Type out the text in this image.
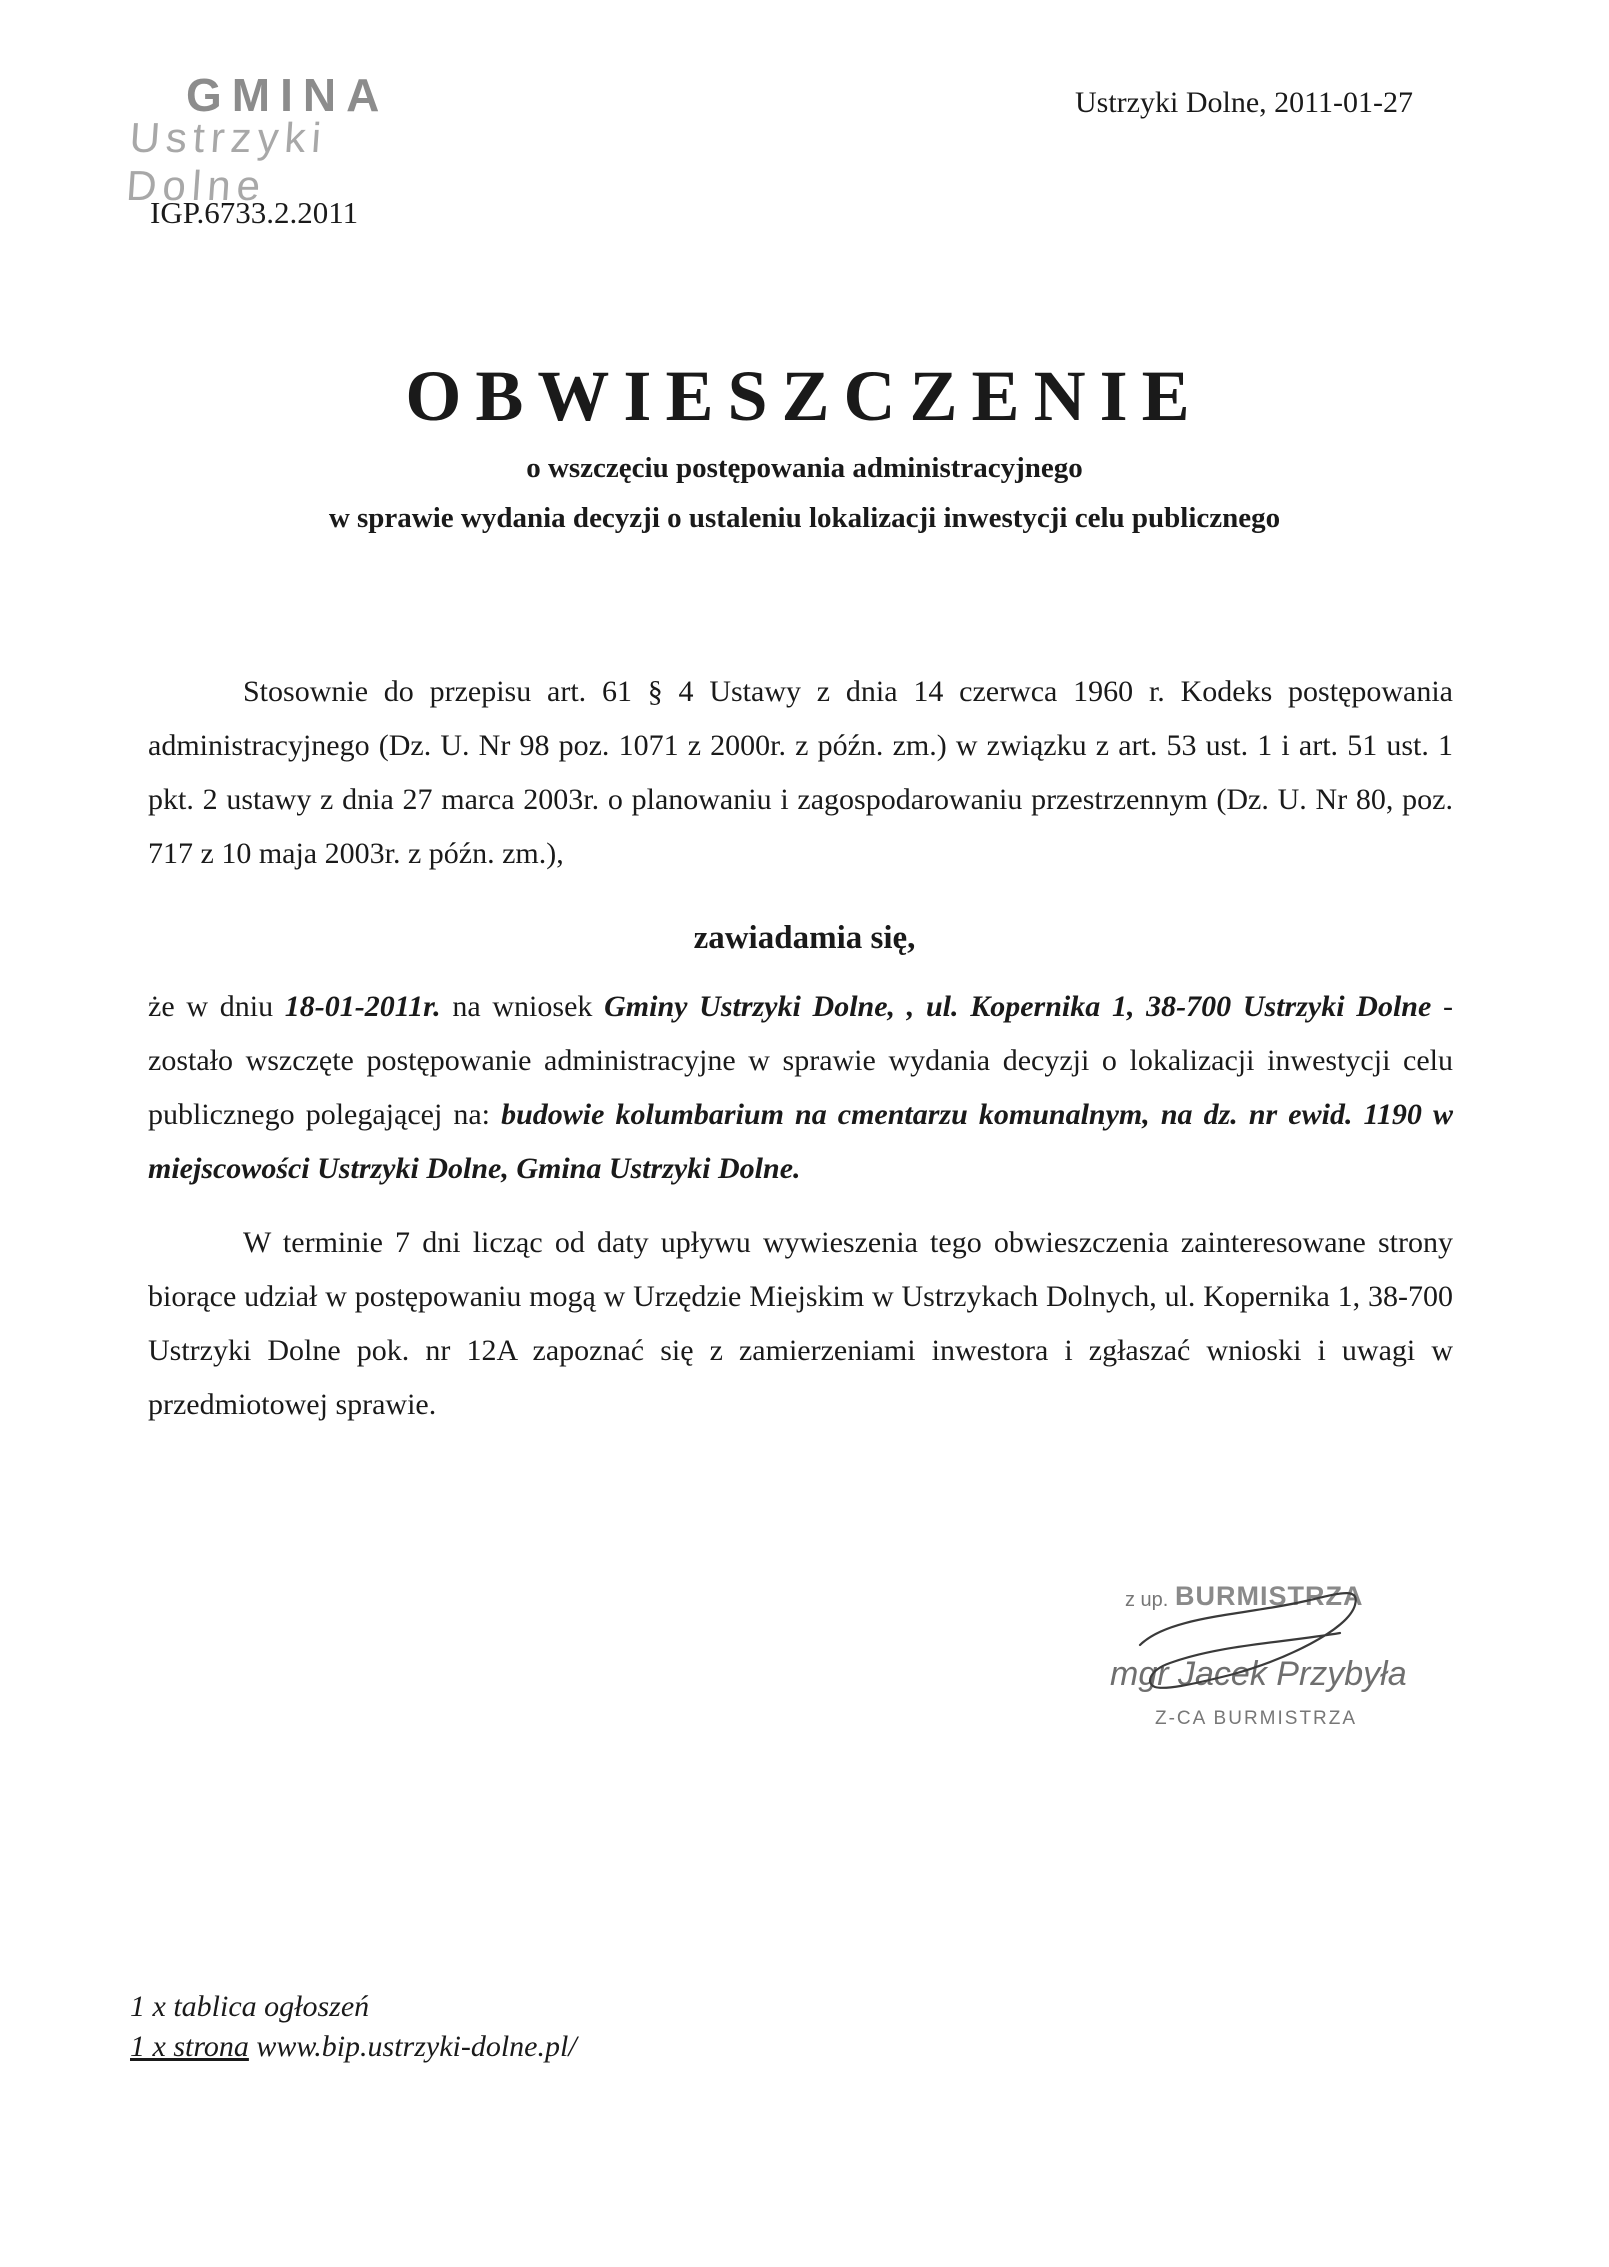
GMINA
Ustrzyki Dolne
Ustrzyki Dolne, 2011-01-27
IGP.6733.2.2011
OBWIESZCZENIE
o wszczęciu postępowania administracyjnego
w sprawie wydania decyzji o ustaleniu lokalizacji inwestycji celu publicznego
Stosownie do przepisu art. 61 § 4 Ustawy z dnia 14 czerwca 1960 r. Kodeks postępowania administracyjnego (Dz. U. Nr 98 poz. 1071 z 2000r. z późn. zm.) w związku z art. 53 ust. 1 i art. 51 ust. 1 pkt. 2 ustawy z dnia 27 marca 2003r. o planowaniu i zagospodarowaniu przestrzennym (Dz. U. Nr 80, poz. 717 z 10 maja 2003r. z późn. zm.),
zawiadamia się,
że w dniu 18-01-2011r. na wniosek Gminy Ustrzyki Dolne, , ul. Kopernika 1, 38-700 Ustrzyki Dolne - zostało wszczęte postępowanie administracyjne w sprawie wydania decyzji o lokalizacji inwestycji celu publicznego polegającej na: budowie kolumbarium na cmentarzu komunalnym, na dz. nr ewid. 1190 w miejscowości Ustrzyki Dolne, Gmina Ustrzyki Dolne.
W terminie 7 dni licząc od daty upływu wywieszenia tego obwieszczenia zainteresowane strony biorące udział w postępowaniu mogą w Urzędzie Miejskim w Ustrzykach Dolnych, ul. Kopernika 1, 38-700 Ustrzyki Dolne pok. nr 12A zapoznać się z zamierzeniami inwestora i zgłaszać wnioski i uwagi w przedmiotowej sprawie.
z up. BURMISTRZA
mgr Jacek Przybyła
Z-CA BURMISTRZA
1 x tablica ogłoszeń
1 x strona www.bip.ustrzyki-dolne.pl/
